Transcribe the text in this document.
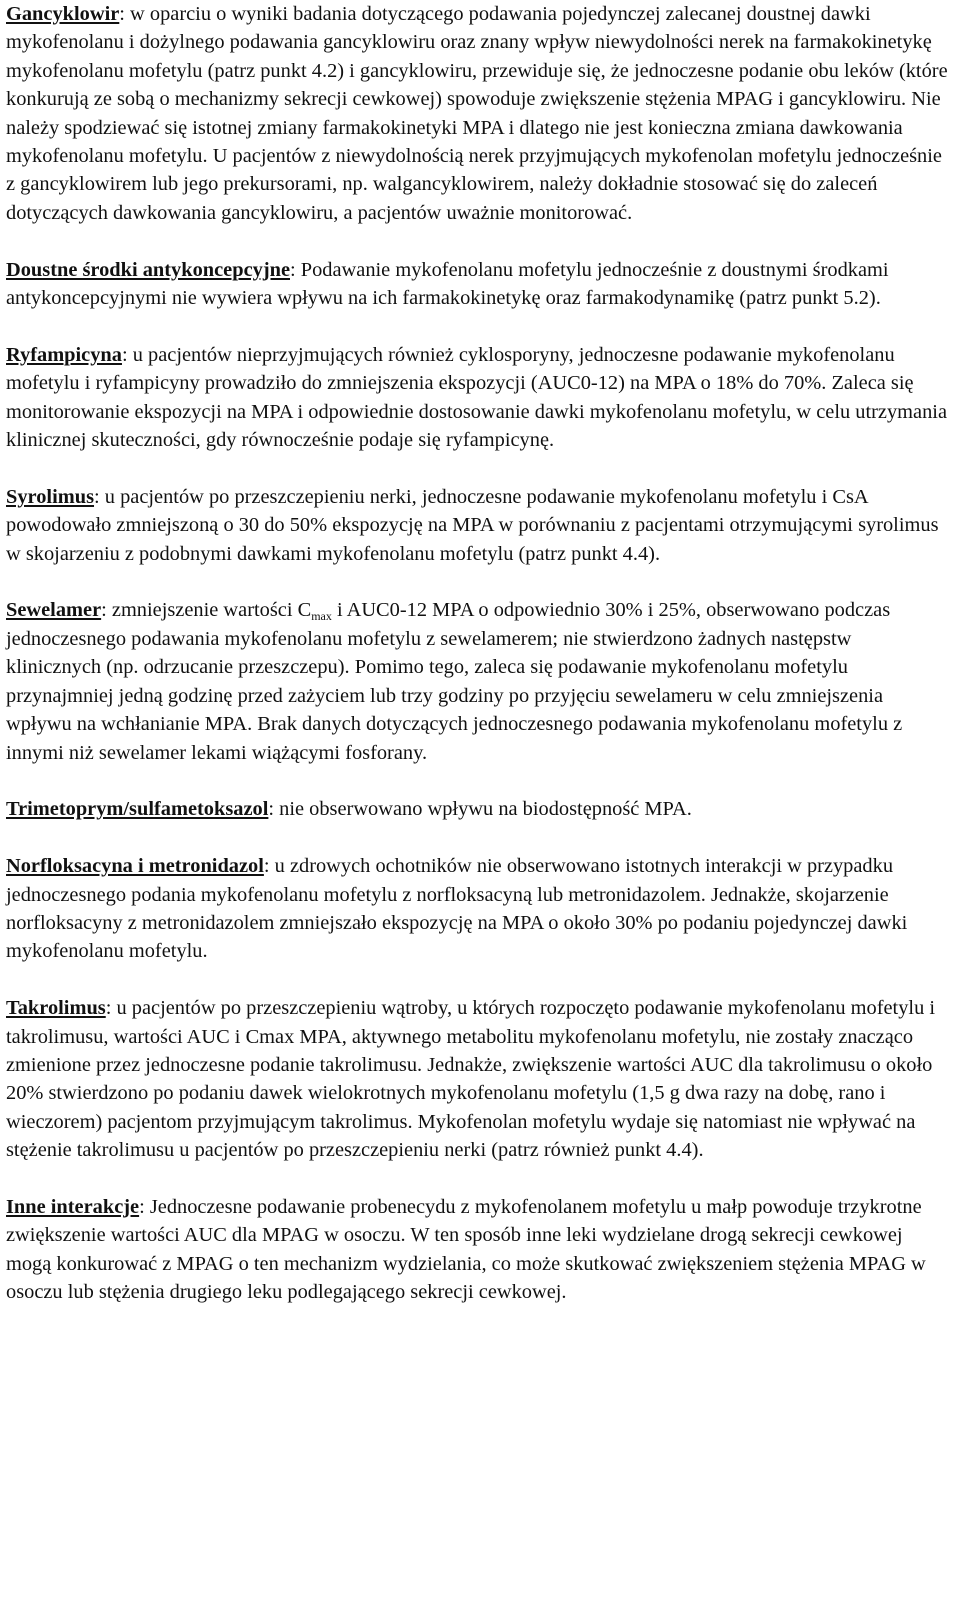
Gancyklowir: w oparciu o wyniki badania dotyczącego podawania pojedynczej zalecanej doustnej dawki mykofenolanu i dożylnego podawania gancyklowiru oraz znany wpływ niewydolności nerek na farmakokinetykę mykofenolanu mofetylu (patrz punkt 4.2) i gancyklowiru, przewiduje się, że jednoczesne podanie obu leków (które konkurują ze sobą o mechanizmy sekrecji cewkowej) spowoduje zwiększenie stężenia MPAG i gancyklowiru. Nie należy spodziewać się istotnej zmiany farmakokinetyki MPA i dlatego nie jest konieczna zmiana dawkowania mykofenolanu mofetylu. U pacjentów z niewydolnością nerek przyjmujących mykofenolan mofetylu jednocześnie z gancyklowirem lub jego prekursorami, np. walgancyklowirem, należy dokładnie stosować się do zaleceń dotyczących dawkowania gancyklowiru, a pacjentów uważnie monitorować.

Doustne środki antykoncepcyjne: Podawanie mykofenolanu mofetylu jednocześnie z doustnymi środkami antykoncepcyjnymi nie wywiera wpływu na ich farmakokinetykę oraz farmakodynamikę (patrz punkt 5.2).

Ryfampicyna: u pacjentów nieprzyjmujących również cyklosporyny, jednoczesne podawanie mykofenolanu mofetylu i ryfampicyny prowadziło do zmniejszenia ekspozycji (AUC0-12) na MPA o 18% do 70%. Zaleca się monitorowanie ekspozycji na MPA i odpowiednie dostosowanie dawki mykofenolanu mofetylu, w celu utrzymania klinicznej skuteczności, gdy równocześnie podaje się ryfampicynę.

Syrolimus: u pacjentów po przeszczepieniu nerki, jednoczesne podawanie mykofenolanu mofetylu i CsA powodowało zmniejszoną o 30 do 50% ekspozycję na MPA w porównaniu z pacjentami otrzymującymi syrolimus w skojarzeniu z podobnymi dawkami mykofenolanu mofetylu (patrz punkt 4.4).

Sewelamer: zmniejszenie wartości $C_{max}$ i AUC0-12 MPA o odpowiednio 30% i 25%, obserwowano podczas jednoczesnego podawania mykofenolanu mofetylu z sewelamerem; nie stwierdzono żadnych następstw klinicznych (np. odrzucanie przeszczepu). Pomimo tego, zaleca się podawanie mykofenolanu mofetylu przynajmniej jedną godzinę przed zażyciem lub trzy godziny po przyjęciu sewelameru w celu zmniejszenia wpływu na wchłanianie MPA. Brak danych dotyczących jednoczesnego podawania mykofenolanu mofetylu z innymi niż sewelamer lekami wiążącymi fosforany.

Trimetoprym/sulfametoksazol: nie obserwowano wpływu na biodostępność MPA.

Norfloksacyna i metronidazol: u zdrowych ochotników nie obserwowano istotnych interakcji w przypadku jednoczesnego podania mykofenolanu mofetylu z norfloksacyną lub metronidazolem. Jednakże, skojarzenie norfloksacyny z metronidazolem zmniejszało ekspozycję na MPA o około 30% po podaniu pojedynczej dawki mykofenolanu mofetylu.

Takrolimus: u pacjentów po przeszczepieniu wątroby, u których rozpoczęto podawanie mykofenolanu mofetylu i takrolimusu, wartości AUC i Cmax MPA, aktywnego metabolitu mykofenolanu mofetylu, nie zostały znacząco zmienione przez jednoczesne podanie takrolimusu. Jednakże, zwiększenie wartości AUC dla takrolimusu o około 20% stwierdzono po podaniu dawek wielokrotnych mykofenolanu mofetylu (1,5 g dwa razy na dobę, rano i wieczorem) pacjentom przyjmującym takrolimus. Mykofenolan mofetylu wydaje się natomiast nie wpływać na stężenie takrolimusu u pacjentów po przeszczepieniu nerki (patrz również punkt 4.4).

Inne interakcje: Jednoczesne podawanie probenecydu z mykofenolanem mofetylu u małp powoduje trzykrotne zwiększenie wartości AUC dla MPAG w osoczu. W ten sposób inne leki wydzielane drogą sekrecji cewkowej mogą konkurować z MPAG o ten mechanizm wydzielania, co może skutkować zwiększeniem stężenia MPAG w osoczu lub stężenia drugiego leku podlegającego sekrecji cewkowej.
